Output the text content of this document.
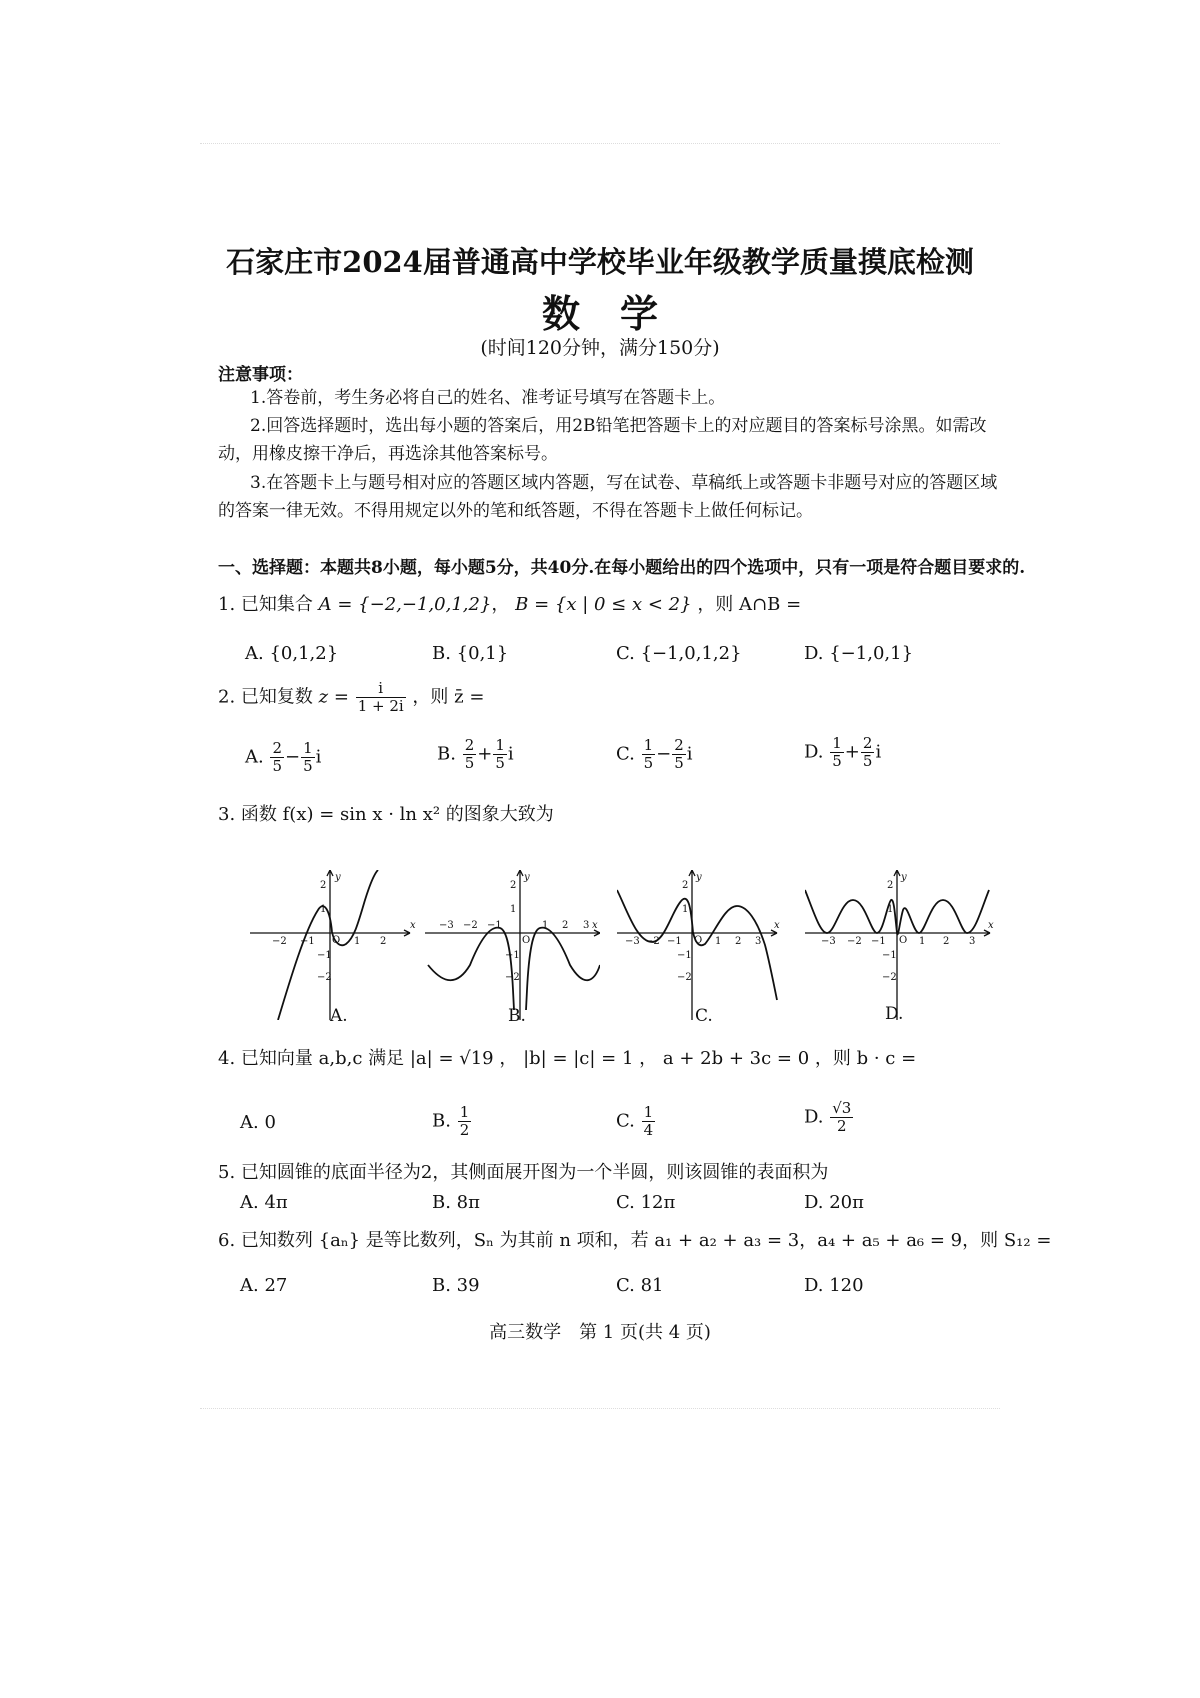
石家庄市2024届普通高中学校毕业年级教学质量摸底检测
数学
(时间120分钟，满分150分)
注意事项：
1.答卷前，考生务必将自己的姓名、准考证号填写在答题卡上。
2.回答选择题时，选出每小题的答案后，用2B铅笔把答题卡上的对应题目的答案标号涂黑。如需改动，用橡皮擦干净后，再选涂其他答案标号。
3.在答题卡上与题号相对应的答题区域内答题，写在试卷、草稿纸上或答题卡非题号对应的答题区域的答案一律无效。不得用规定以外的笔和纸答题，不得在答题卡上做任何标记。
一、选择题：本题共8小题，每小题5分，共40分.在每小题给出的四个选项中，只有一项是符合题目要求的.
1. 已知集合 A = {−2,−1,0,1,2}， B = {x | 0 ≤ x < 2} ，则 A∩B =
A. {0,1,2}	B. {0,1}	C. {−1,0,1,2}	D. {−1,0,1}
2. 已知复数 $z = \frac{i}{1 + 2i}$ ，则 z̄ =
A. $\frac{2}{5} - \frac{1}{5}$ i	B. $\frac{2}{5} + \frac{1}{5}$ i	C. $\frac{1}{5} - \frac{2}{5}$ i	D. $\frac{1}{5} + \frac{2}{5}$ i
3. 函数 f(x) = sin x · ln x² 的图象大致为
y
x
O
−2 −1	1 2
2
1
−1
−2
y
x
O
−3 −2 −1	1 2 3
2
1
−1
−2
y
x
O
−3 −2 −1	1 2 3
2
1
−1
−2
y
x
O
−3 −2 −1	1 2 3
2
1
−1
−2
A.	B.	C.	D.
4. 已知向量 a,b,c 满足 |a| = √19 ， |b| = |c| = 1 ， a + 2b + 3c = 0 ，则 b · c =
A. 0	B. $\frac{1}{2}$	C. $\frac{1}{4}$	D. $\frac{√3}{2}$
5. 已知圆锥的底面半径为2，其侧面展开图为一个半圆，则该圆锥的表面积为
A. 4π	B. 8π	C. 12π	D. 20π
6. 已知数列 {aₙ} 是等比数列，Sₙ 为其前 n 项和，若 a₁ + a₂ + a₃ = 3，a₄ + a₅ + a₆ = 9，则 S₁₂ =
A. 27	B. 39	C. 81	D. 120
高三数学　第 1 页(共 4 页)
